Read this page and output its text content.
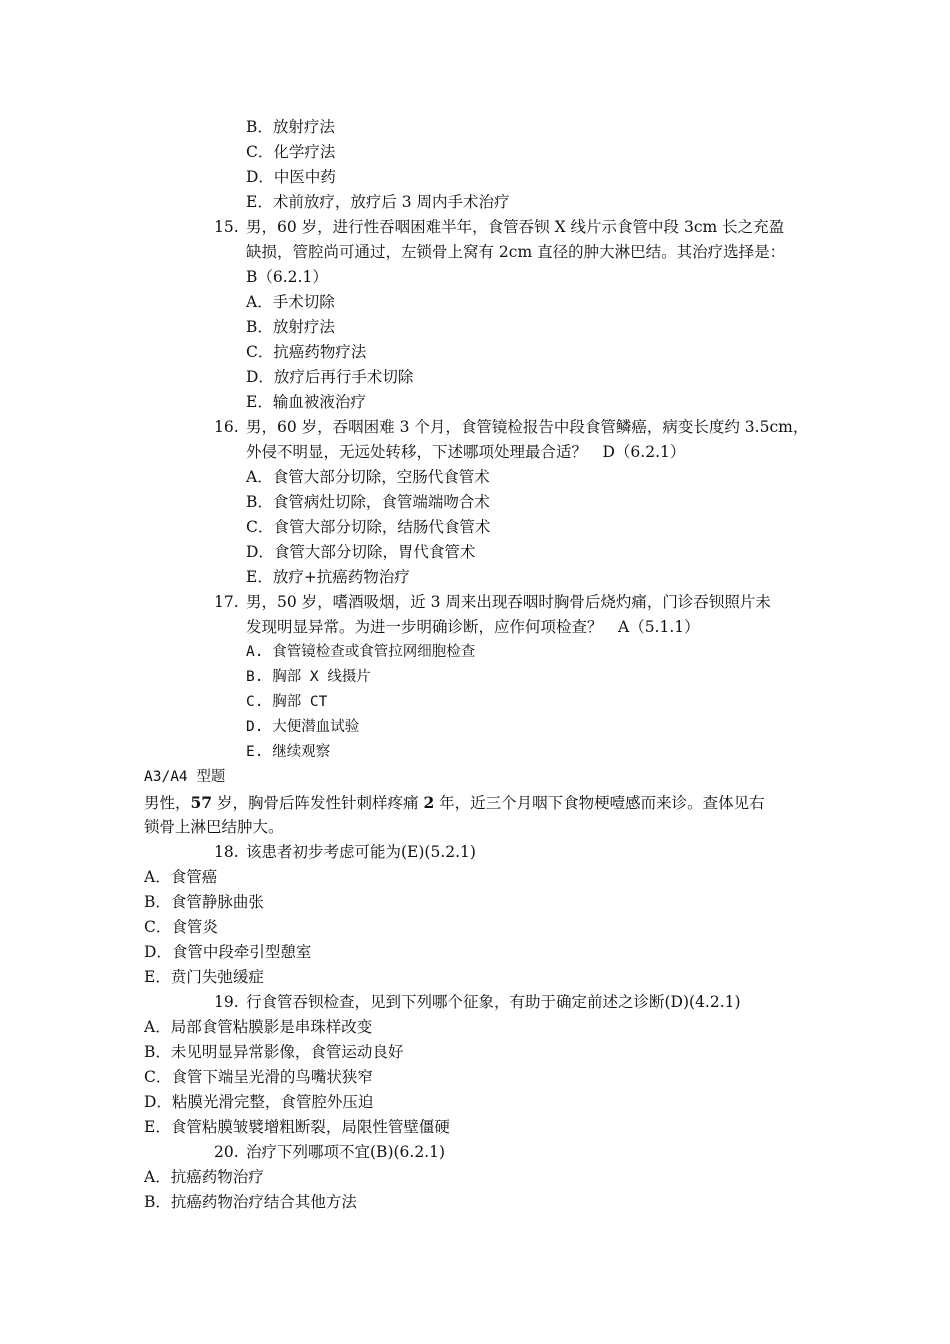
B．放射疗法
C．化学疗法
D．中医中药
E．术前放疗，放疗后 3 周内手术治疗
15. 男，60 岁，进行性吞咽困难半年，食管吞钡 X 线片示食管中段 3cm 长之充盈
缺损，管腔尚可通过，左锁骨上窝有 2cm 直径的肿大淋巴结。其治疗选择是：
B（6.2.1）
A．手术切除
B．放射疗法
C．抗癌药物疗法
D．放疗后再行手术切除
E．输血被液治疗
16. 男，60 岁，吞咽困难 3 个月，食管镜检报告中段食管鳞癌，病变长度约 3.5cm，
外侵不明显，无远处转移，下述哪项处理最合适？　D（6.2.1）
A．食管大部分切除，空肠代食管术
B．食管病灶切除，食管端端吻合术
C．食管大部分切除，结肠代食管术
D．食管大部分切除，胃代食管术
E．放疗+抗癌药物治疗
17. 男，50 岁，嗜酒吸烟，近 3 周来出现吞咽时胸骨后烧灼痛，门诊吞钡照片未
发现明显异常。为进一步明确诊断，应作何项检查？　A（5.1.1）
A. 食管镜检查或食管拉网细胞检查
B. 胸部 X 线摄片
C. 胸部 CT
D. 大便潜血试验
E. 继续观察
A3/A4 型题
男性，57 岁，胸骨后阵发性针刺样疼痛 2 年，近三个月咽下食物梗噎感而来诊。查体见右
锁骨上淋巴结肿大。
18. 该患者初步考虑可能为(E)(5.2.1)
A．食管癌
B．食管静脉曲张
C．食管炎
D．食管中段牵引型憩室
E．贲门失弛缓症
19. 行食管吞钡检查，见到下列哪个征象，有助于确定前述之诊断(D)(4.2.1)
A．局部食管粘膜影是串珠样改变
B．未见明显异常影像，食管运动良好
C．食管下端呈光滑的鸟嘴状狭窄
D．粘膜光滑完整，食管腔外压迫
E．食管粘膜皱襞增粗断裂，局限性管壁僵硬
20. 治疗下列哪项不宜(B)(6.2.1)
A．抗癌药物治疗
B．抗癌药物治疗结合其他方法
